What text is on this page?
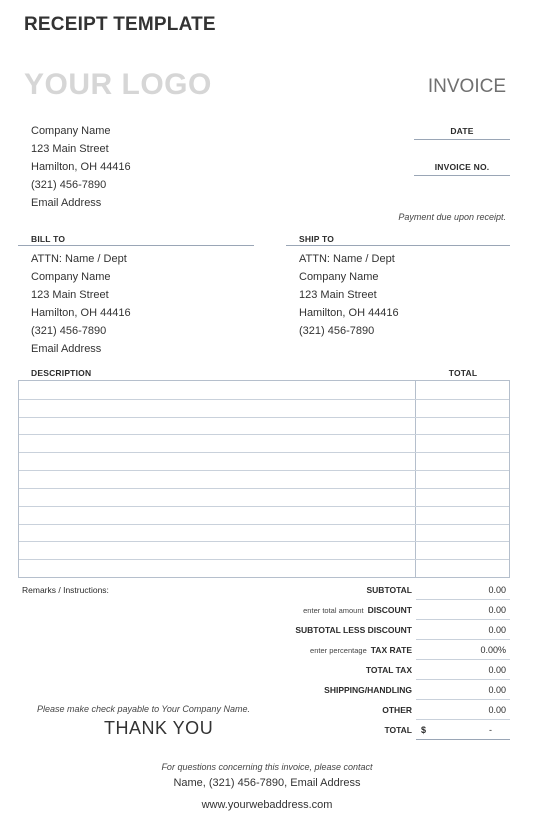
RECEIPT TEMPLATE
YOUR LOGO	INVOICE
Company Name
123 Main Street
Hamilton, OH 44416
(321) 456-7890
Email Address
DATE
INVOICE NO.
Payment due upon receipt.
BILL TO
ATTN: Name / Dept
Company Name
123 Main Street
Hamilton, OH 44416
(321) 456-7890
Email Address
SHIP TO
ATTN: Name / Dept
Company Name
123 Main Street
Hamilton, OH 44416
(321) 456-7890
DESCRIPTION	TOTAL
Remarks / Instructions:	SUBTOTAL	0.00
enter total amount DISCOUNT	0.00
SUBTOTAL LESS DISCOUNT	0.00
enter percentage TAX RATE	0.00%
TOTAL TAX	0.00
SHIPPING/HANDLING	0.00
OTHER	0.00
TOTAL $	-
Please make check payable to Your Company Name.
THANK YOU
For questions concerning this invoice, please contact
Name, (321) 456-7890, Email Address
www.yourwebaddress.com
